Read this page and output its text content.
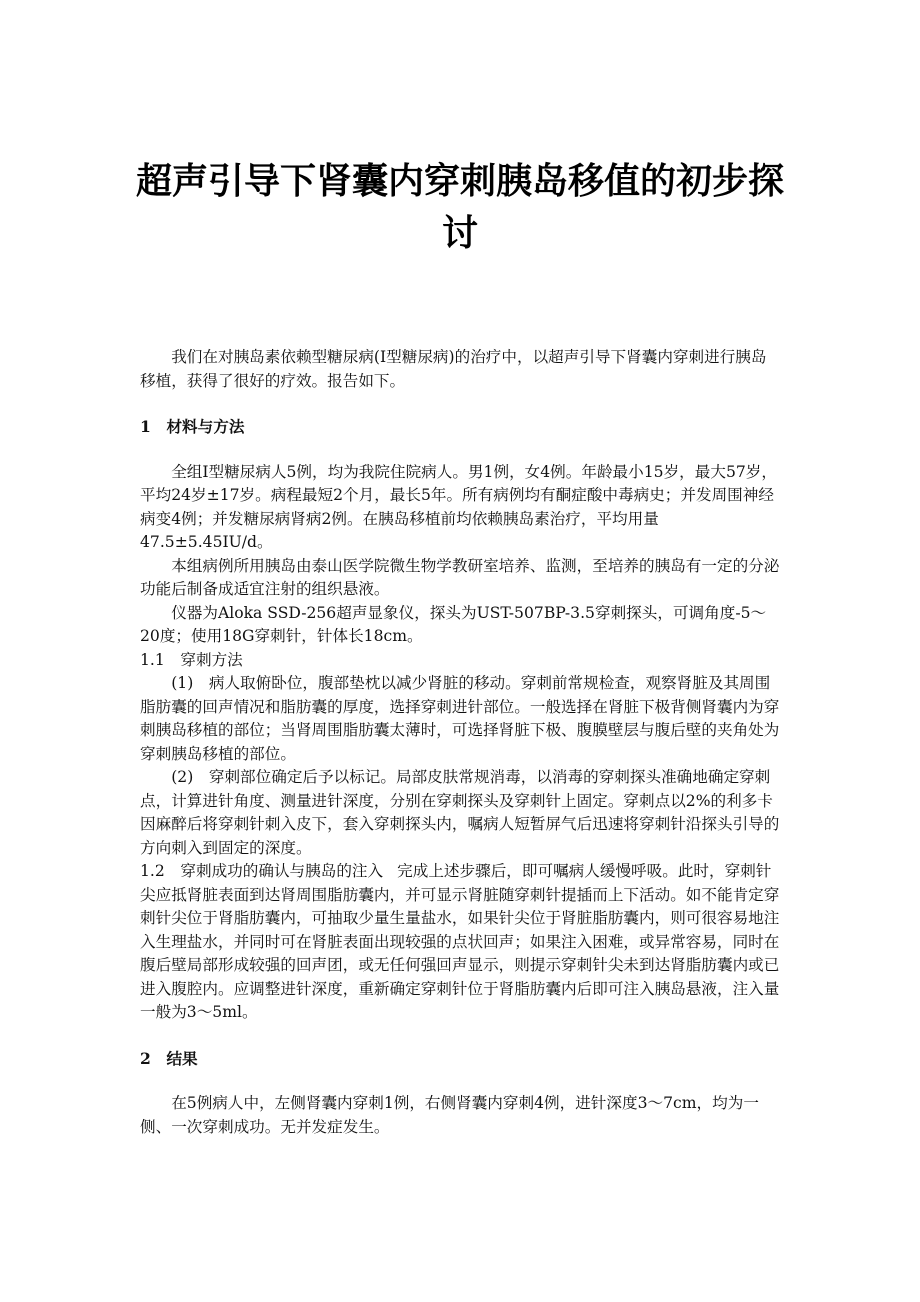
超声引导下肾囊内穿刺胰岛移值的初步探讨

我们在对胰岛素依赖型糖尿病(I型糖尿病)的治疗中，以超声引导下肾囊内穿刺进行胰岛移植，获得了很好的疗效。报告如下。

1　材料与方法

全组I型糖尿病人5例，均为我院住院病人。男1例，女4例。年龄最小15岁，最大57岁，平均24岁±17岁。病程最短2个月，最长5年。所有病例均有酮症酸中毒病史；并发周围神经病变4例；并发糖尿病肾病2例。在胰岛移植前均依赖胰岛素治疗，平均用量47.5±5.45IU/d。

本组病例所用胰岛由泰山医学院微生物学教研室培养、监测，至培养的胰岛有一定的分泌功能后制备成适宜注射的组织悬液。

仪器为Aloka SSD-256超声显象仪，探头为UST-507BP-3.5穿刺探头，可调角度-5～20度；使用18G穿刺针，针体长18cm。

1.1　穿刺方法

(1)　病人取俯卧位，腹部垫枕以减少肾脏的移动。穿刺前常规检查，观察肾脏及其周围脂肪囊的回声情况和脂肪囊的厚度，选择穿刺进针部位。一般选择在肾脏下极背侧肾囊内为穿刺胰岛移植的部位；当肾周围脂肪囊太薄时，可选择肾脏下极、腹膜壁层与腹后壁的夹角处为穿刺胰岛移植的部位。

(2)　穿刺部位确定后予以标记。局部皮肤常规消毒，以消毒的穿刺探头准确地确定穿刺点，计算进针角度、测量进针深度，分别在穿刺探头及穿刺针上固定。穿刺点以2%的利多卡因麻醉后将穿刺针刺入皮下，套入穿刺探头内，嘱病人短暂屏气后迅速将穿刺针沿探头引导的方向刺入到固定的深度。

1.2　穿刺成功的确认与胰岛的注入 完成上述步骤后，即可嘱病人缓慢呼吸。此时，穿刺针尖应抵肾脏表面到达肾周围脂肪囊内，并可显示肾脏随穿刺针提插而上下活动。如不能肯定穿刺针尖位于肾脂肪囊内，可抽取少量生量盐水，如果针尖位于肾脏脂肪囊内，则可很容易地注入生理盐水，并同时可在肾脏表面出现较强的点状回声；如果注入困难，或异常容易，同时在腹后壁局部形成较强的回声团，或无任何强回声显示，则提示穿刺针尖未到达肾脂肪囊内或已进入腹腔内。应调整进针深度，重新确定穿刺针位于肾脂肪囊内后即可注入胰岛悬液，注入量一般为3～5ml。

2　结果

在5例病人中，左侧肾囊内穿刺1例，右侧肾囊内穿刺4例，进针深度3～7cm，均为一侧、一次穿刺成功。无并发症发生。
